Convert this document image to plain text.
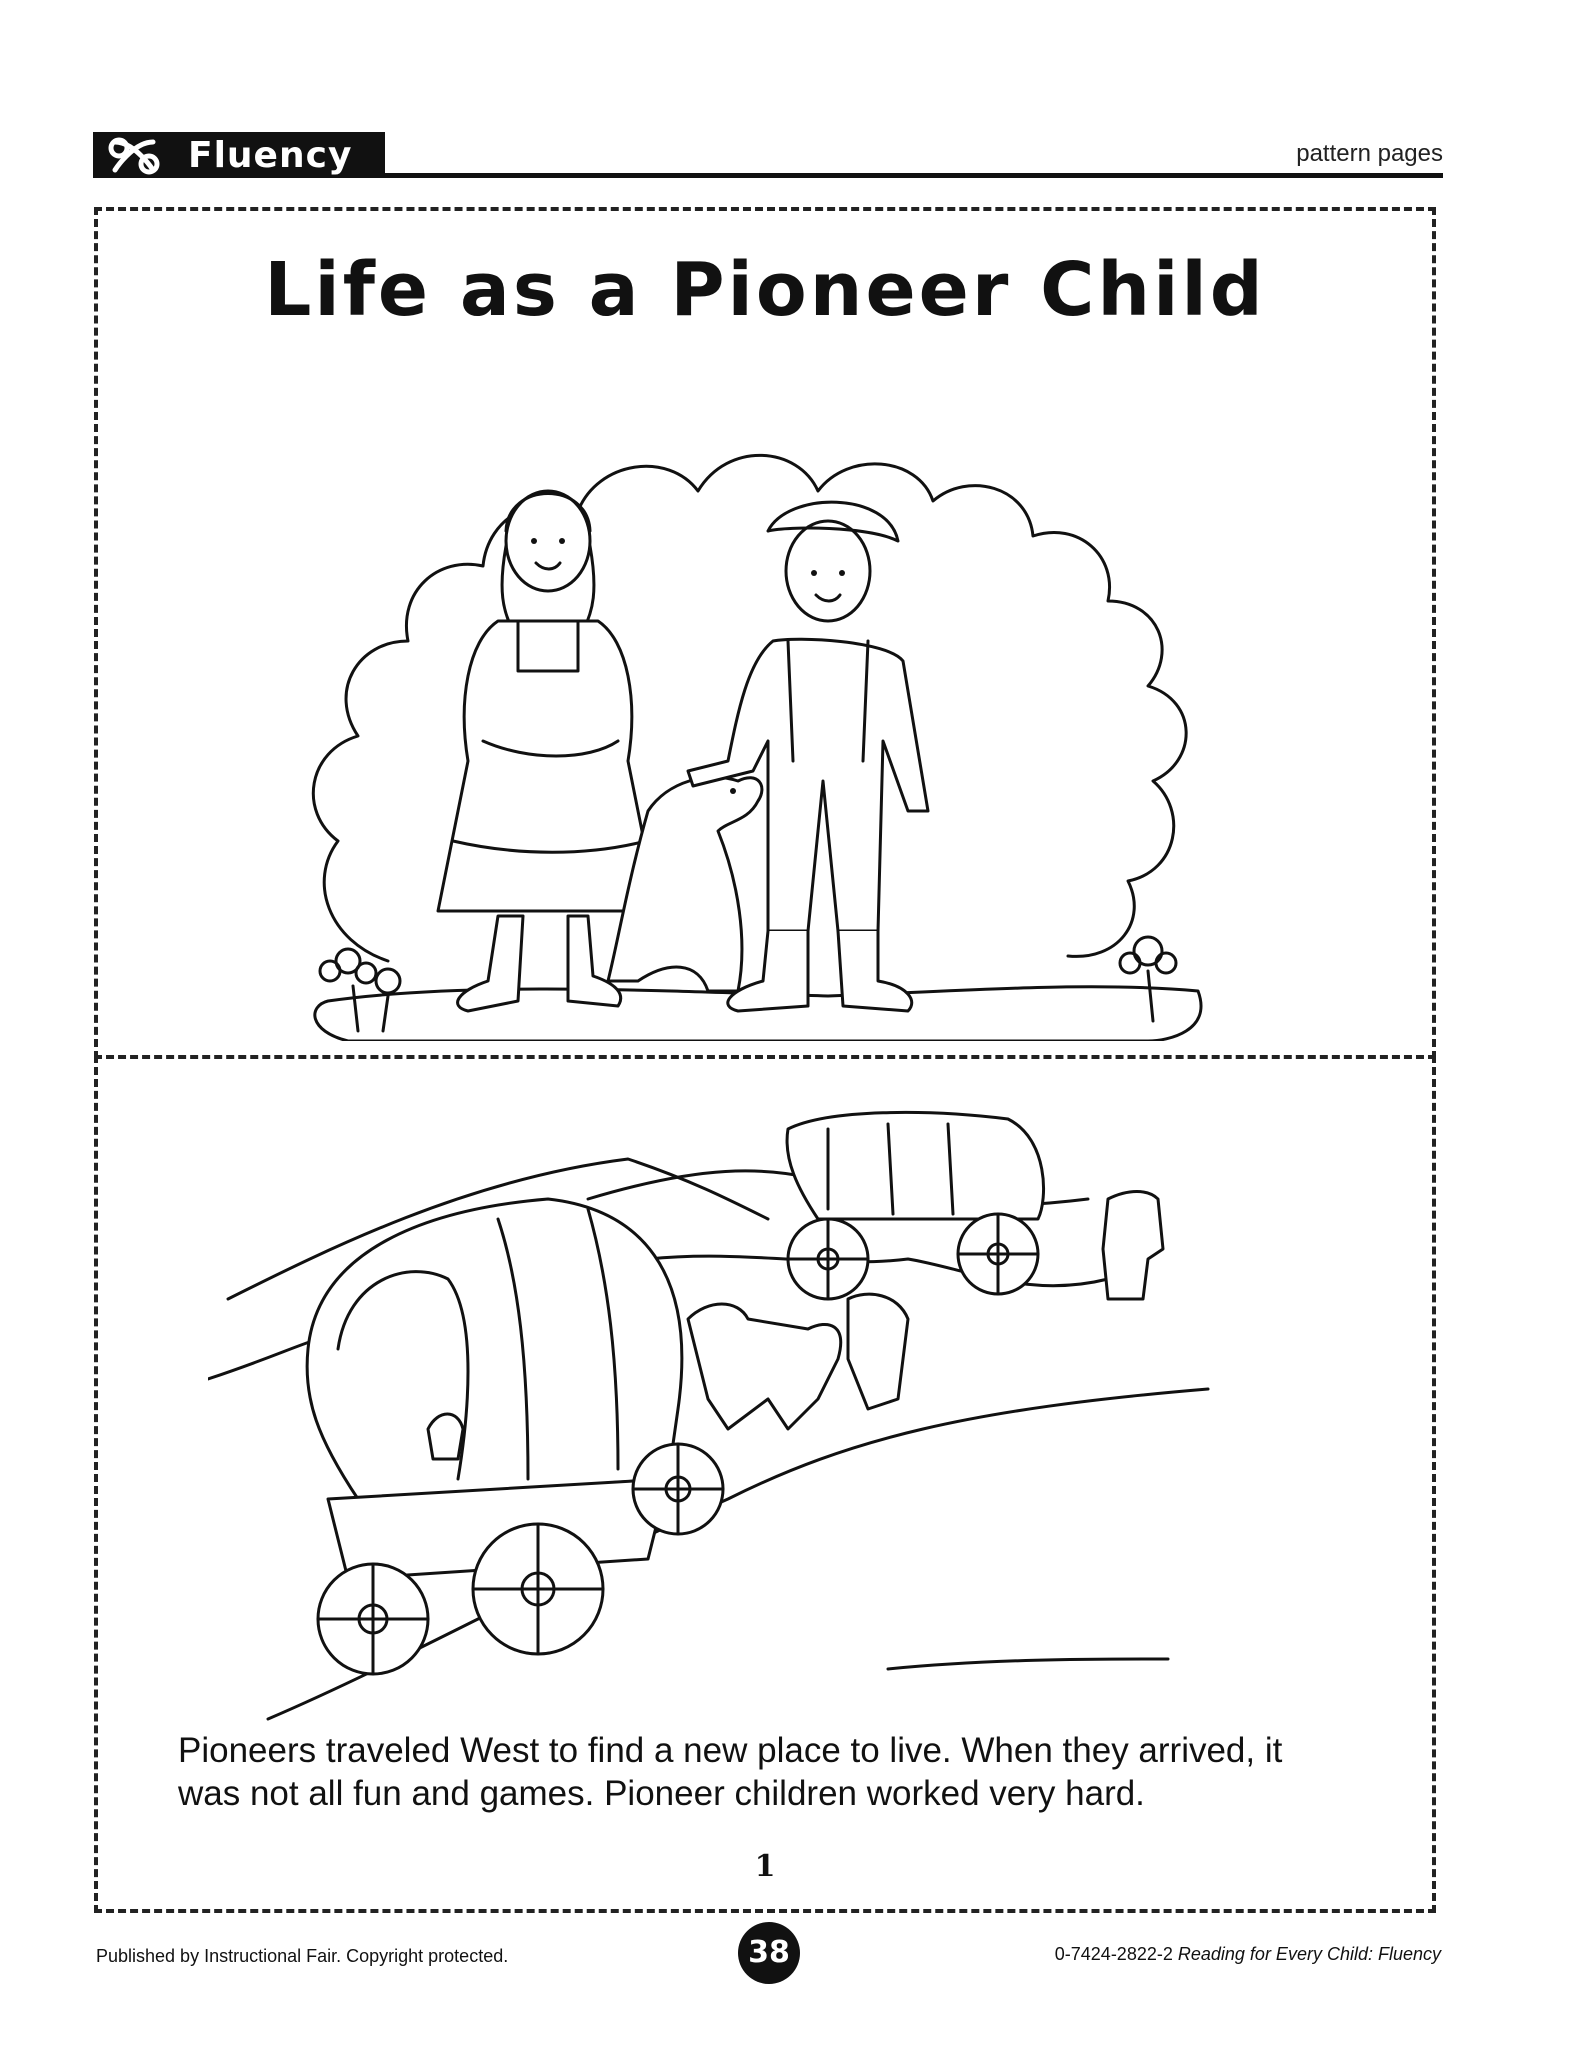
Fluency	pattern pages
Life as a Pioneer Child
Pioneers traveled West to find a new place to live. When they arrived, it was not all fun and games. Pioneer children worked very hard.
1
Published by Instructional Fair. Copyright protected.	38	0-7424-2822-2 Reading for Every Child: Fluency
